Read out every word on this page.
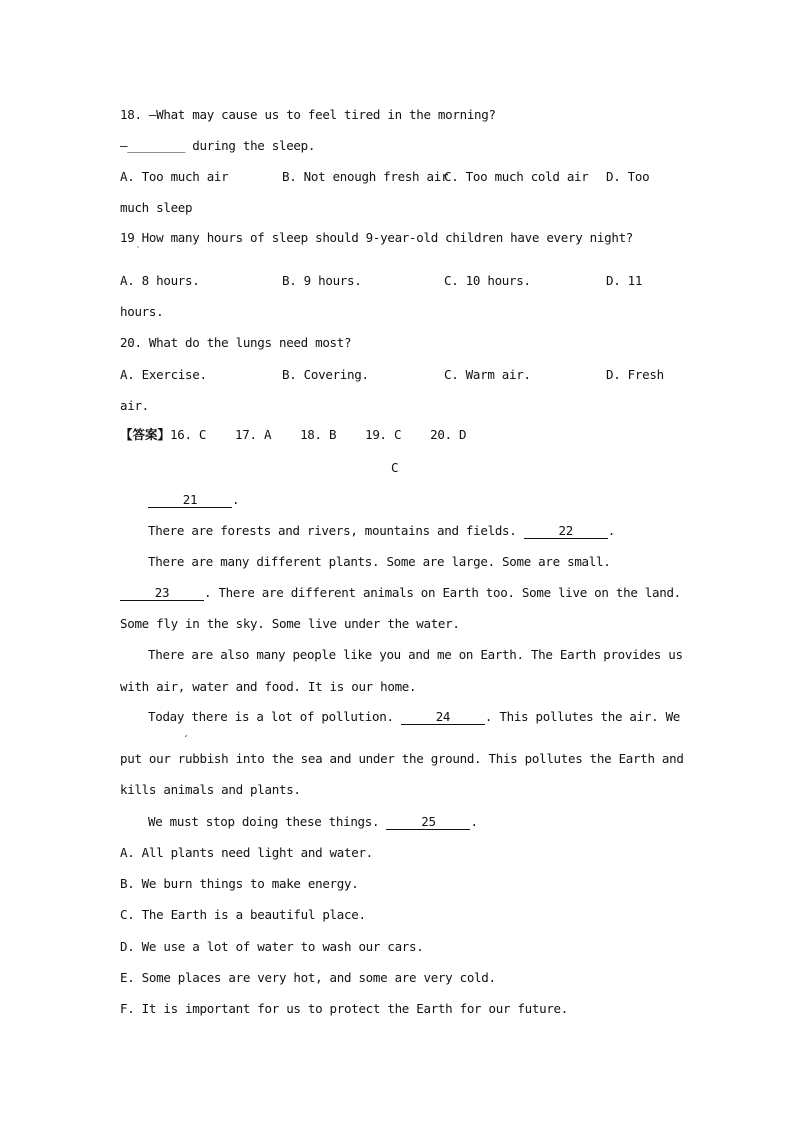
18. —What may cause us to feel tired in the morning?
—________ during the sleep.
A. Too much air	B. Not enough fresh air
C. Too much cold air D. Too
much sleep
19 How many hours of sleep should 9-year-old children have every night?
˙
A. 8 hours.	B. 9 hours.	C. 10 hours.	D. 11
hours.
20. What do the lungs need most?
A. Exercise.	B. Covering.	C. Warm air.	D. Fresh
air.
【答案】16. C    17. A    18. B    19. C    20. D
C
21	.
There are forests and rivers, mountains and fields.	22	.
There are many different plants. Some are large. Some are small.
23	. There are different animals on Earth too. Some live on the land.
Some fly in the sky. Some live under the water.
There are also many people like you and me on Earth. The Earth provides us
with air, water and food. It is our home.
Today there is a lot of pollution.	24	. This pollutes the air. We
ˏ
put our rubbish into the sea and under the ground. This pollutes the Earth and
kills animals and plants.
We must stop doing these things.	25	.
A. All plants need light and water.
B. We burn things to make energy.
C. The Earth is a beautiful place.
D. We use a lot of water to wash our cars.
E. Some places are very hot, and some are very cold.
F. It is important for us to protect the Earth for our future.
